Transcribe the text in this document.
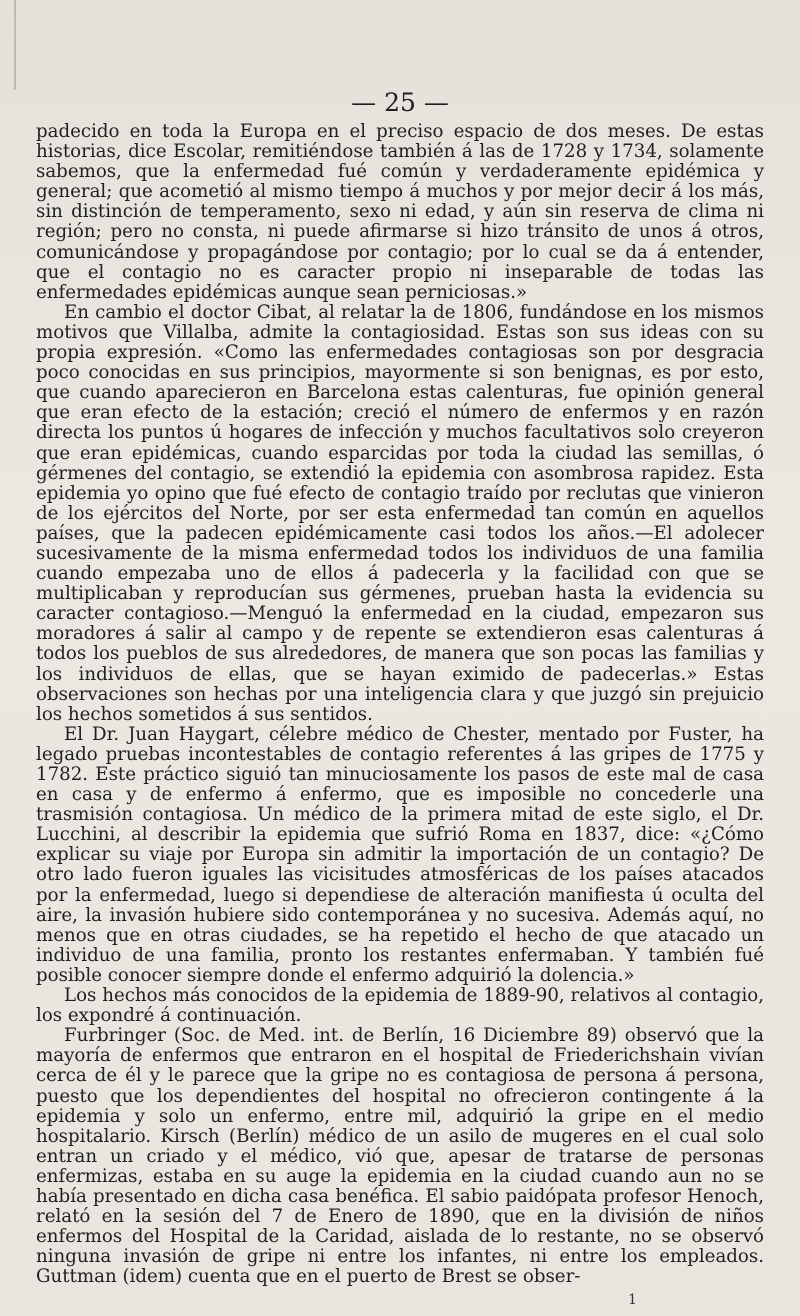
— 25 —

padecido en toda la Europa en el preciso espacio de dos meses. De estas historias, dice Escolar, remitiéndose también á las de 1728 y 1734, solamente sabemos, que la enfermedad fué común y verdaderamente epidémica y general; que acometió al mismo tiempo á muchos y por mejor decir á los más, sin distinción de temperamento, sexo ni edad, y aún sin reserva de clima ni región; pero no consta, ni puede afirmarse si hizo tránsito de unos á otros, comunicándose y propagándose por contagio; por lo cual se da á entender, que el contagio no es caracter propio ni inseparable de todas las enfermedades epidémicas aunque sean perniciosas.»

En cambio el doctor Cibat, al relatar la de 1806, fundándose en los mismos motivos que Villalba, admite la contagiosidad. Estas son sus ideas con su propia expresión. «Como las enfermedades contagiosas son por desgracia poco conocidas en sus principios, mayormente si son benignas, es por esto, que cuando aparecieron en Barcelona estas calenturas, fue opinión general que eran efecto de la estación; creció el número de enfermos y en razón directa los puntos ú hogares de infección y muchos facultativos solo creyeron que eran epidémicas, cuando esparcidas por toda la ciudad las semillas, ó gérmenes del contagio, se extendió la epidemia con asombrosa rapidez. Esta epidemia yo opino que fué efecto de contagio traído por reclutas que vinieron de los ejércitos del Norte, por ser esta enfermedad tan común en aquellos países, que la padecen epidémicamente casi todos los años.—El adolecer sucesivamente de la misma enfermedad todos los individuos de una familia cuando empezaba uno de ellos á padecerla y la facilidad con que se multiplicaban y reproducían sus gérmenes, prueban hasta la evidencia su caracter contagioso.—Menguó la enfermedad en la ciudad, empezaron sus moradores á salir al campo y de repente se extendieron esas calenturas á todos los pueblos de sus alrededores, de manera que son pocas las familias y los individuos de ellas, que se hayan eximido de padecerlas.» Estas observaciones son hechas por una inteligencia clara y que juzgó sin prejuicio los hechos sometidos á sus sentidos.

El Dr. Juan Haygart, célebre médico de Chester, mentado por Fuster, ha legado pruebas incontestables de contagio referentes á las gripes de 1775 y 1782. Este práctico siguió tan minuciosamente los pasos de este mal de casa en casa y de enfermo á enfermo, que es imposible no concederle una trasmisión contagiosa. Un médico de la primera mitad de este siglo, el Dr. Lucchini, al describir la epidemia que sufrió Roma en 1837, dice: «¿Cómo explicar su viaje por Europa sin admitir la importación de un contagio? De otro lado fueron iguales las vicisitudes atmosféricas de los países atacados por la enfermedad, luego si dependiese de alteración manifiesta ú oculta del aire, la invasión hubiere sido contemporánea y no sucesiva. Además aquí, no menos que en otras ciudades, se ha repetido el hecho de que atacado un individuo de una familia, pronto los restantes enfermaban. Y también fué posible conocer siempre donde el enfermo adquirió la dolencia.»

Los hechos más conocidos de la epidemia de 1889-90, relativos al contagio, los expondré á continuación.

Furbringer (Soc. de Med. int. de Berlín, 16 Diciembre 89) observó que la mayoría de enfermos que entraron en el hospital de Friederichshain vivían cerca de él y le parece que la gripe no es contagiosa de persona á persona, puesto que los dependientes del hospital no ofrecieron contingente á la epidemia y solo un enfermo, entre mil, adquirió la gripe en el medio hospitalario. Kirsch (Berlín) médico de un asilo de mugeres en el cual solo entran un criado y el médico, vió que, apesar de tratarse de personas enfermizas, estaba en su auge la epidemia en la ciudad cuando aun no se había presentado en dicha casa benéfica. El sabio paidópata profesor Henoch, relató en la sesión del 7 de Enero de 1890, que en la división de niños enfermos del Hospital de la Caridad, aislada de lo restante, no se observó ninguna invasión de gripe ni entre los infantes, ni entre los empleados. Guttman (idem) cuenta que en el puerto de Brest se obser-

1
